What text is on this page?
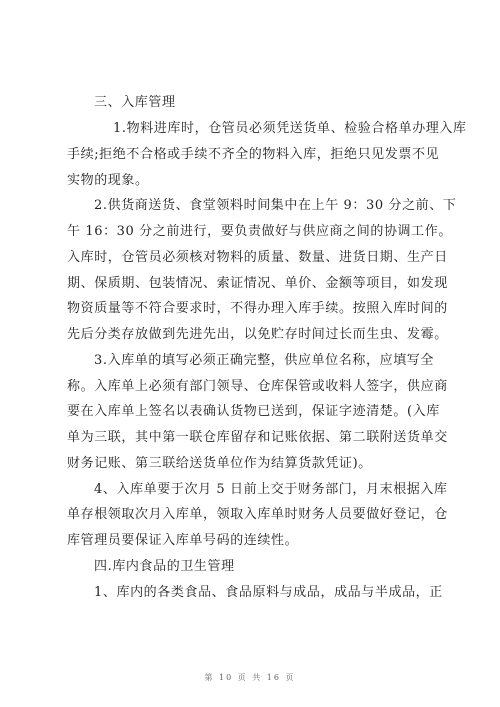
三、入库管理
1.物料进库时，仓管员必须凭送货单、检验合格单办理入库
手续;拒绝不合格或手续不齐全的物料入库，拒绝只见发票不见
实物的现象。
2.供货商送货、食堂领料时间集中在上午 9：30 分之前、下
午 16：30 分之前进行，要负责做好与供应商之间的协调工作。
入库时，仓管员必须核对物料的质量、数量、进货日期、生产日
期、保质期、包装情况、索证情况、单价、金额等项目，如发现
物资质量等不符合要求时，不得办理入库手续。按照入库时间的
先后分类存放做到先进先出，以免贮存时间过长而生虫、发霉。
3.入库单的填写必须正确完整，供应单位名称，应填写全
称。入库单上必须有部门领导、仓库保管或收料人签字，供应商
要在入库单上签名以表确认货物已送到，保证字迹清楚。(入库
单为三联，其中第一联仓库留存和记账依据、第二联附送货单交
财务记账、第三联给送货单位作为结算货款凭证)。
4、入库单要于次月 5 日前上交于财务部门，月末根据入库
单存根领取次月入库单，领取入库单时财务人员要做好登记，仓
库管理员要保证入库单号码的连续性。
四.库内食品的卫生管理
1、库内的各类食品、食品原料与成品，成品与半成品，正
第 10 页 共 16 页
